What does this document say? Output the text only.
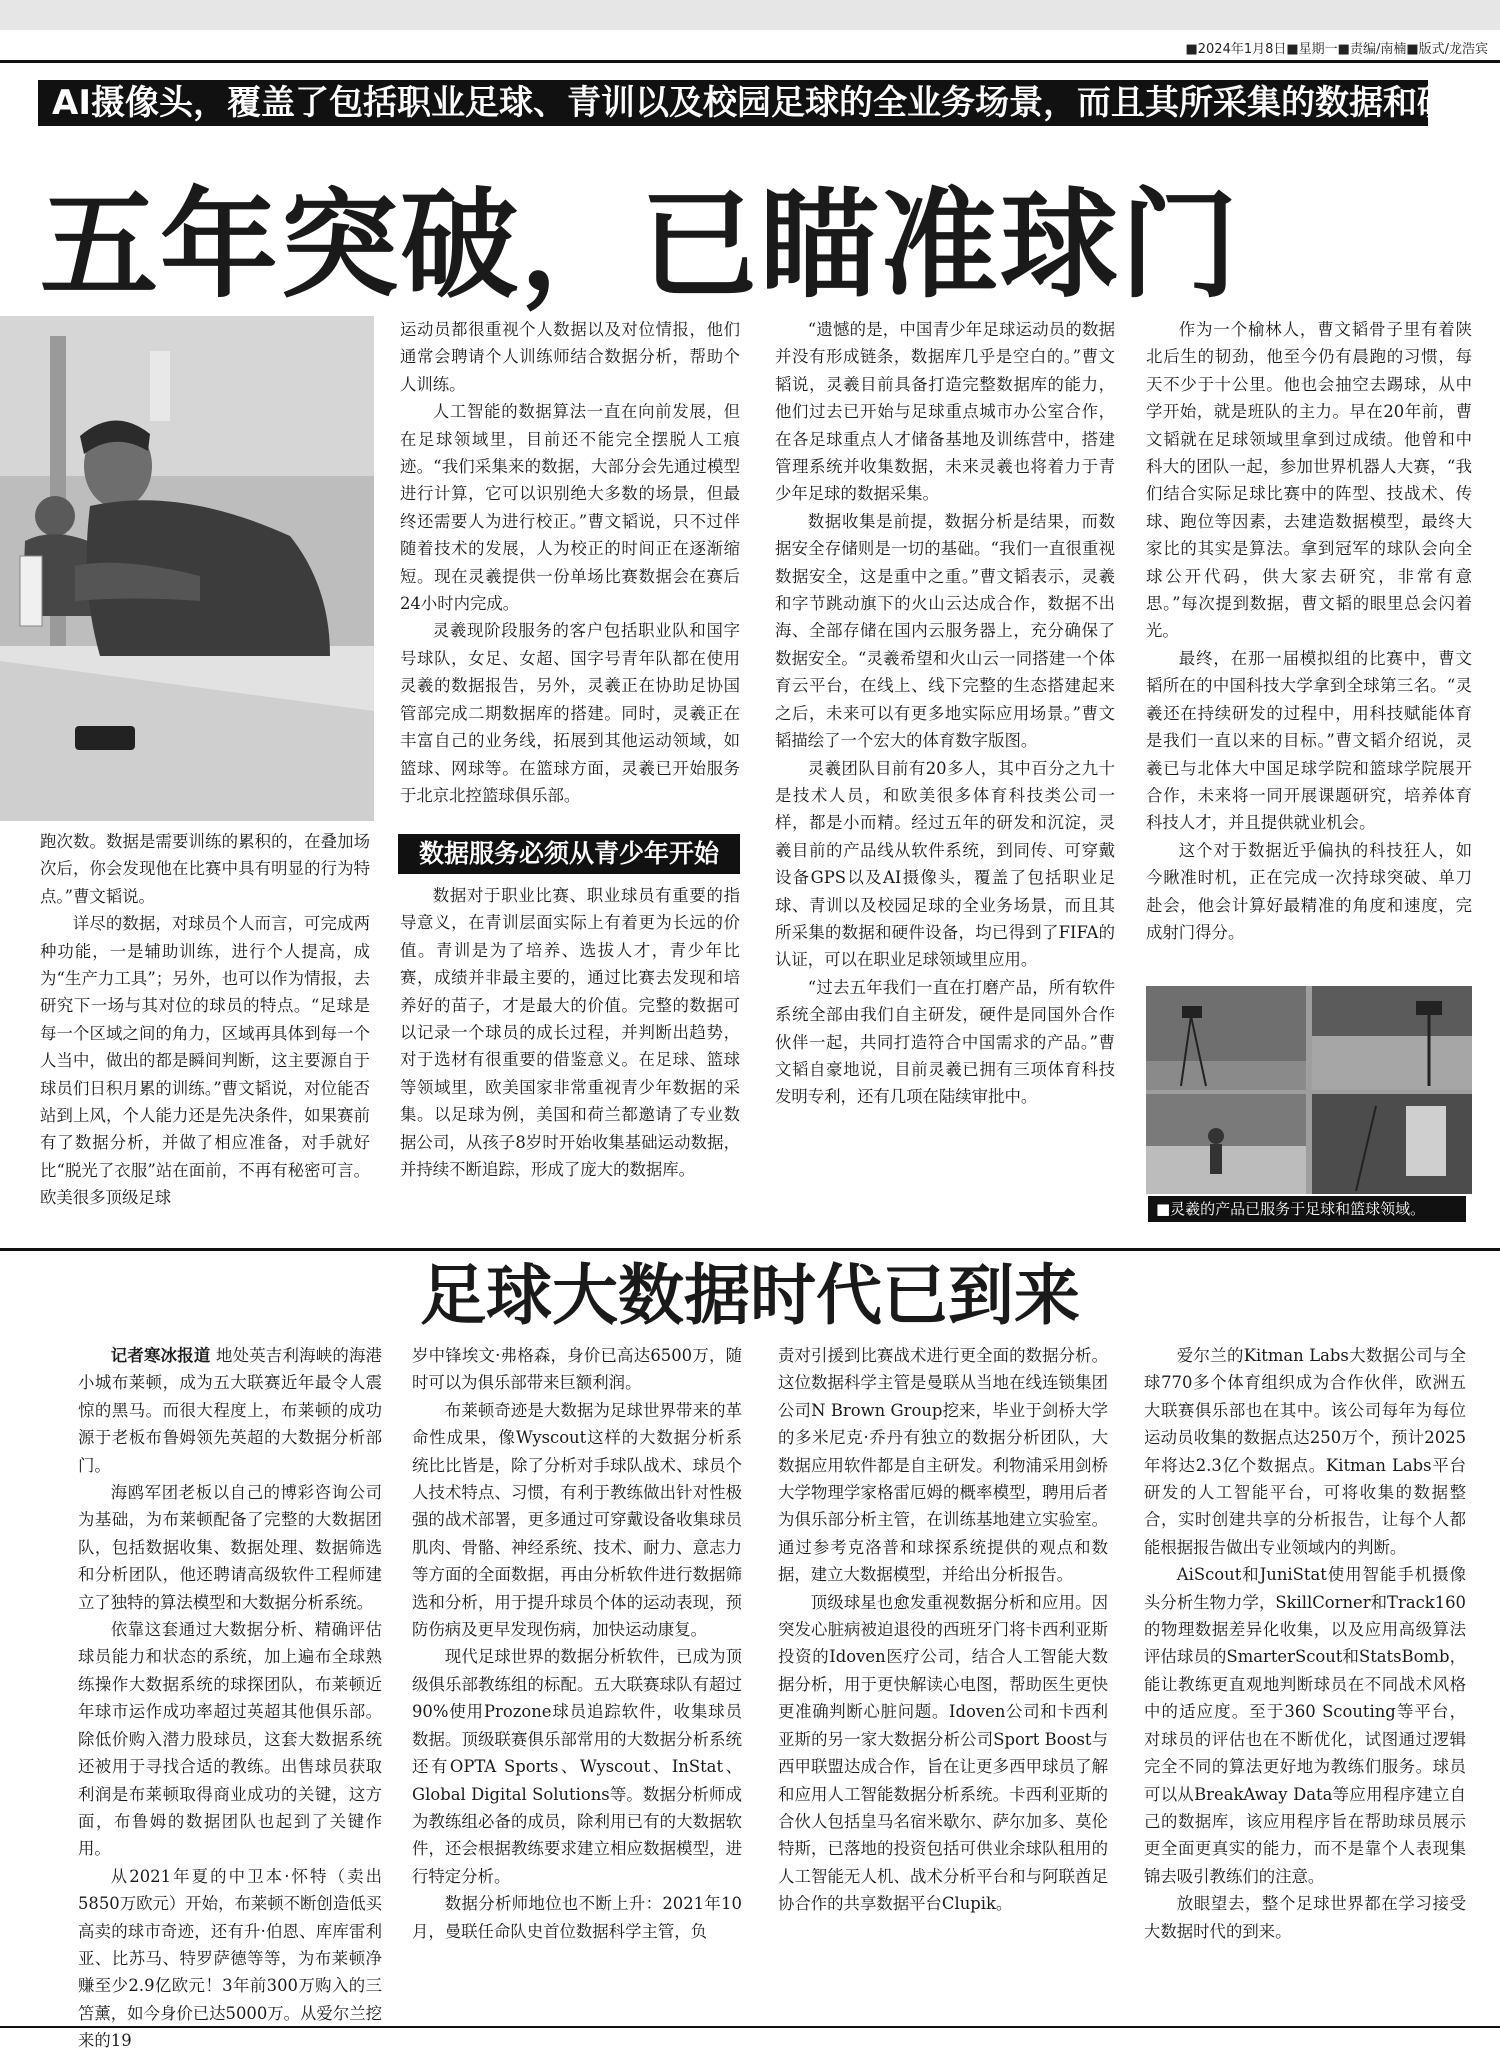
■2024年1月8日■星期一■责编/南楠■版式/龙浩宾
AI摄像头，覆盖了包括职业足球、青训以及校园足球的全业务场景，而且其所采集的数据和硬件
五年突破，已瞄准球门

跑次数。数据是需要训练的累积的，在叠加场次后，你会发现他在比赛中具有明显的行为特点。”曹文韬说。

详尽的数据，对球员个人而言，可完成两种功能，一是辅助训练，进行个人提高，成为“生产力工具”；另外，也可以作为情报，去研究下一场与其对位的球员的特点。“足球是每一个区域之间的角力，区域再具体到每一个人当中，做出的都是瞬间判断，这主要源自于球员们日积月累的训练。”曹文韬说，对位能否站到上风，个人能力还是先决条件，如果赛前有了数据分析，并做了相应准备，对手就好比“脱光了衣服”站在面前，不再有秘密可言。欧美很多顶级足球

运动员都很重视个人数据以及对位情报，他们通常会聘请个人训练师结合数据分析，帮助个人训练。

人工智能的数据算法一直在向前发展，但在足球领域里，目前还不能完全摆脱人工痕迹。“我们采集来的数据，大部分会先通过模型进行计算，它可以识别绝大多数的场景，但最终还需要人为进行校正。”曹文韬说，只不过伴随着技术的发展，人为校正的时间正在逐渐缩短。现在灵羲提供一份单场比赛数据会在赛后24小时内完成。

灵羲现阶段服务的客户包括职业队和国字号球队，女足、女超、国字号青年队都在使用灵羲的数据报告，另外，灵羲正在协助足协国管部完成二期数据库的搭建。同时，灵羲正在丰富自己的业务线，拓展到其他运动领域，如篮球、网球等。在篮球方面，灵羲已开始服务于北京北控篮球俱乐部。

数据服务必须从青少年开始

数据对于职业比赛、职业球员有重要的指导意义，在青训层面实际上有着更为长远的价值。青训是为了培养、选拔人才，青少年比赛，成绩并非最主要的，通过比赛去发现和培养好的苗子，才是最大的价值。完整的数据可以记录一个球员的成长过程，并判断出趋势，对于选材有很重要的借鉴意义。在足球、篮球等领域里，欧美国家非常重视青少年数据的采集。以足球为例，美国和荷兰都邀请了专业数据公司，从孩子8岁时开始收集基础运动数据，并持续不断追踪，形成了庞大的数据库。

“遗憾的是，中国青少年足球运动员的数据并没有形成链条，数据库几乎是空白的。”曹文韬说，灵羲目前具备打造完整数据库的能力，他们过去已开始与足球重点城市办公室合作，在各足球重点人才储备基地及训练营中，搭建管理系统并收集数据，未来灵羲也将着力于青少年足球的数据采集。

数据收集是前提，数据分析是结果，而数据安全存储则是一切的基础。“我们一直很重视数据安全，这是重中之重。”曹文韬表示，灵羲和字节跳动旗下的火山云达成合作，数据不出海、全部存储在国内云服务器上，充分确保了数据安全。“灵羲希望和火山云一同搭建一个体育云平台，在线上、线下完整的生态搭建起来之后，未来可以有更多地实际应用场景。”曹文韬描绘了一个宏大的体育数字版图。

灵羲团队目前有20多人，其中百分之九十是技术人员，和欧美很多体育科技类公司一样，都是小而精。经过五年的研发和沉淀，灵羲目前的产品线从软件系统，到同传、可穿戴设备GPS以及AI摄像头，覆盖了包括职业足球、青训以及校园足球的全业务场景，而且其所采集的数据和硬件设备，均已得到了FIFA的认证，可以在职业足球领域里应用。

“过去五年我们一直在打磨产品，所有软件系统全部由我们自主研发，硬件是同国外合作伙伴一起，共同打造符合中国需求的产品。”曹文韬自豪地说，目前灵羲已拥有三项体育科技发明专利，还有几项在陆续审批中。

作为一个榆林人，曹文韬骨子里有着陕北后生的韧劲，他至今仍有晨跑的习惯，每天不少于十公里。他也会抽空去踢球，从中学开始，就是班队的主力。早在20年前，曹文韬就在足球领域里拿到过成绩。他曾和中科大的团队一起，参加世界机器人大赛，“我们结合实际足球比赛中的阵型、技战术、传球、跑位等因素，去建造数据模型，最终大家比的其实是算法。拿到冠军的球队会向全球公开代码，供大家去研究，非常有意思。”每次提到数据，曹文韬的眼里总会闪着光。

最终，在那一届模拟组的比赛中，曹文韬所在的中国科技大学拿到全球第三名。“灵羲还在持续研发的过程中，用科技赋能体育是我们一直以来的目标。”曹文韬介绍说，灵羲已与北体大中国足球学院和篮球学院展开合作，未来将一同开展课题研究，培养体育科技人才，并且提供就业机会。

这个对于数据近乎偏执的科技狂人，如今瞅准时机，正在完成一次持球突破、单刀赴会，他会计算好最精准的角度和速度，完成射门得分。

■灵羲的产品已服务于足球和篮球领域。
足球大数据时代已到来

记者寒冰报道 地处英吉利海峡的海港小城布莱顿，成为五大联赛近年最令人震惊的黑马。而很大程度上，布莱顿的成功源于老板布鲁姆领先英超的大数据分析部门。

海鸥军团老板以自己的博彩咨询公司为基础，为布莱顿配备了完整的大数据团队，包括数据收集、数据处理、数据筛选和分析团队，他还聘请高级软件工程师建立了独特的算法模型和大数据分析系统。

依靠这套通过大数据分析、精确评估球员能力和状态的系统，加上遍布全球熟练操作大数据系统的球探团队，布莱顿近年球市运作成功率超过英超其他俱乐部。除低价购入潜力股球员，这套大数据系统还被用于寻找合适的教练。出售球员获取利润是布莱顿取得商业成功的关键，这方面，布鲁姆的数据团队也起到了关键作用。

从2021年夏的中卫本·怀特（卖出5850万欧元）开始，布莱顿不断创造低买高卖的球市奇迹，还有升·伯恩、库库雷利亚、比苏马、特罗萨德等等，为布莱顿净赚至少2.9亿欧元！3年前300万购入的三笘薰，如今身价已达5000万。从爱尔兰挖来的19

岁中锋埃文·弗格森，身价已高达6500万，随时可以为俱乐部带来巨额利润。

布莱顿奇迹是大数据为足球世界带来的革命性成果，像Wyscout这样的大数据分析系统比比皆是，除了分析对手球队战术、球员个人技术特点、习惯，有利于教练做出针对性极强的战术部署，更多通过可穿戴设备收集球员肌肉、骨骼、神经系统、技术、耐力、意志力等方面的全面数据，再由分析软件进行数据筛选和分析，用于提升球员个体的运动表现，预防伤病及更早发现伤病，加快运动康复。

现代足球世界的数据分析软件，已成为顶级俱乐部教练组的标配。五大联赛球队有超过90%使用Prozone球员追踪软件，收集球员数据。顶级联赛俱乐部常用的大数据分析系统还有OPTA Sports、Wyscout、InStat、Global Digital Solutions等。数据分析师成为教练组必备的成员，除利用已有的大数据软件，还会根据教练要求建立相应数据模型，进行特定分析。

数据分析师地位也不断上升：2021年10月，曼联任命队史首位数据科学主管，负

责对引援到比赛战术进行更全面的数据分析。这位数据科学主管是曼联从当地在线连锁集团公司N Brown Group挖来，毕业于剑桥大学的多米尼克·乔丹有独立的数据分析团队，大数据应用软件都是自主研发。利物浦采用剑桥大学物理学家格雷厄姆的概率模型，聘用后者为俱乐部分析主管，在训练基地建立实验室。通过参考克洛普和球探系统提供的观点和数据，建立大数据模型，并给出分析报告。

顶级球星也愈发重视数据分析和应用。因突发心脏病被迫退役的西班牙门将卡西利亚斯投资的Idoven医疗公司，结合人工智能大数据分析，用于更快解读心电图，帮助医生更快更准确判断心脏问题。Idoven公司和卡西利亚斯的另一家大数据分析公司Sport Boost与西甲联盟达成合作，旨在让更多西甲球员了解和应用人工智能数据分析系统。卡西利亚斯的合伙人包括皇马名宿米歇尔、萨尔加多、莫伦特斯，已落地的投资包括可供业余球队租用的人工智能无人机、战术分析平台和与阿联酋足协合作的共享数据平台Clupik。

爱尔兰的Kitman Labs大数据公司与全球770多个体育组织成为合作伙伴，欧洲五大联赛俱乐部也在其中。该公司每年为每位运动员收集的数据点达250万个，预计2025年将达2.3亿个数据点。Kitman Labs平台研发的人工智能平台，可将收集的数据整合，实时创建共享的分析报告，让每个人都能根据报告做出专业领域内的判断。

AiScout和JuniStat使用智能手机摄像头分析生物力学，SkillCorner和Track160的物理数据差异化收集，以及应用高级算法评估球员的SmarterScout和StatsBomb，能让教练更直观地判断球员在不同战术风格中的适应度。至于360 Scouting等平台，对球员的评估也在不断优化，试图通过逻辑完全不同的算法更好地为教练们服务。球员可以从BreakAway Data等应用程序建立自己的数据库，该应用程序旨在帮助球员展示更全面更真实的能力，而不是靠个人表现集锦去吸引教练们的注意。

放眼望去，整个足球世界都在学习接受大数据时代的到来。
